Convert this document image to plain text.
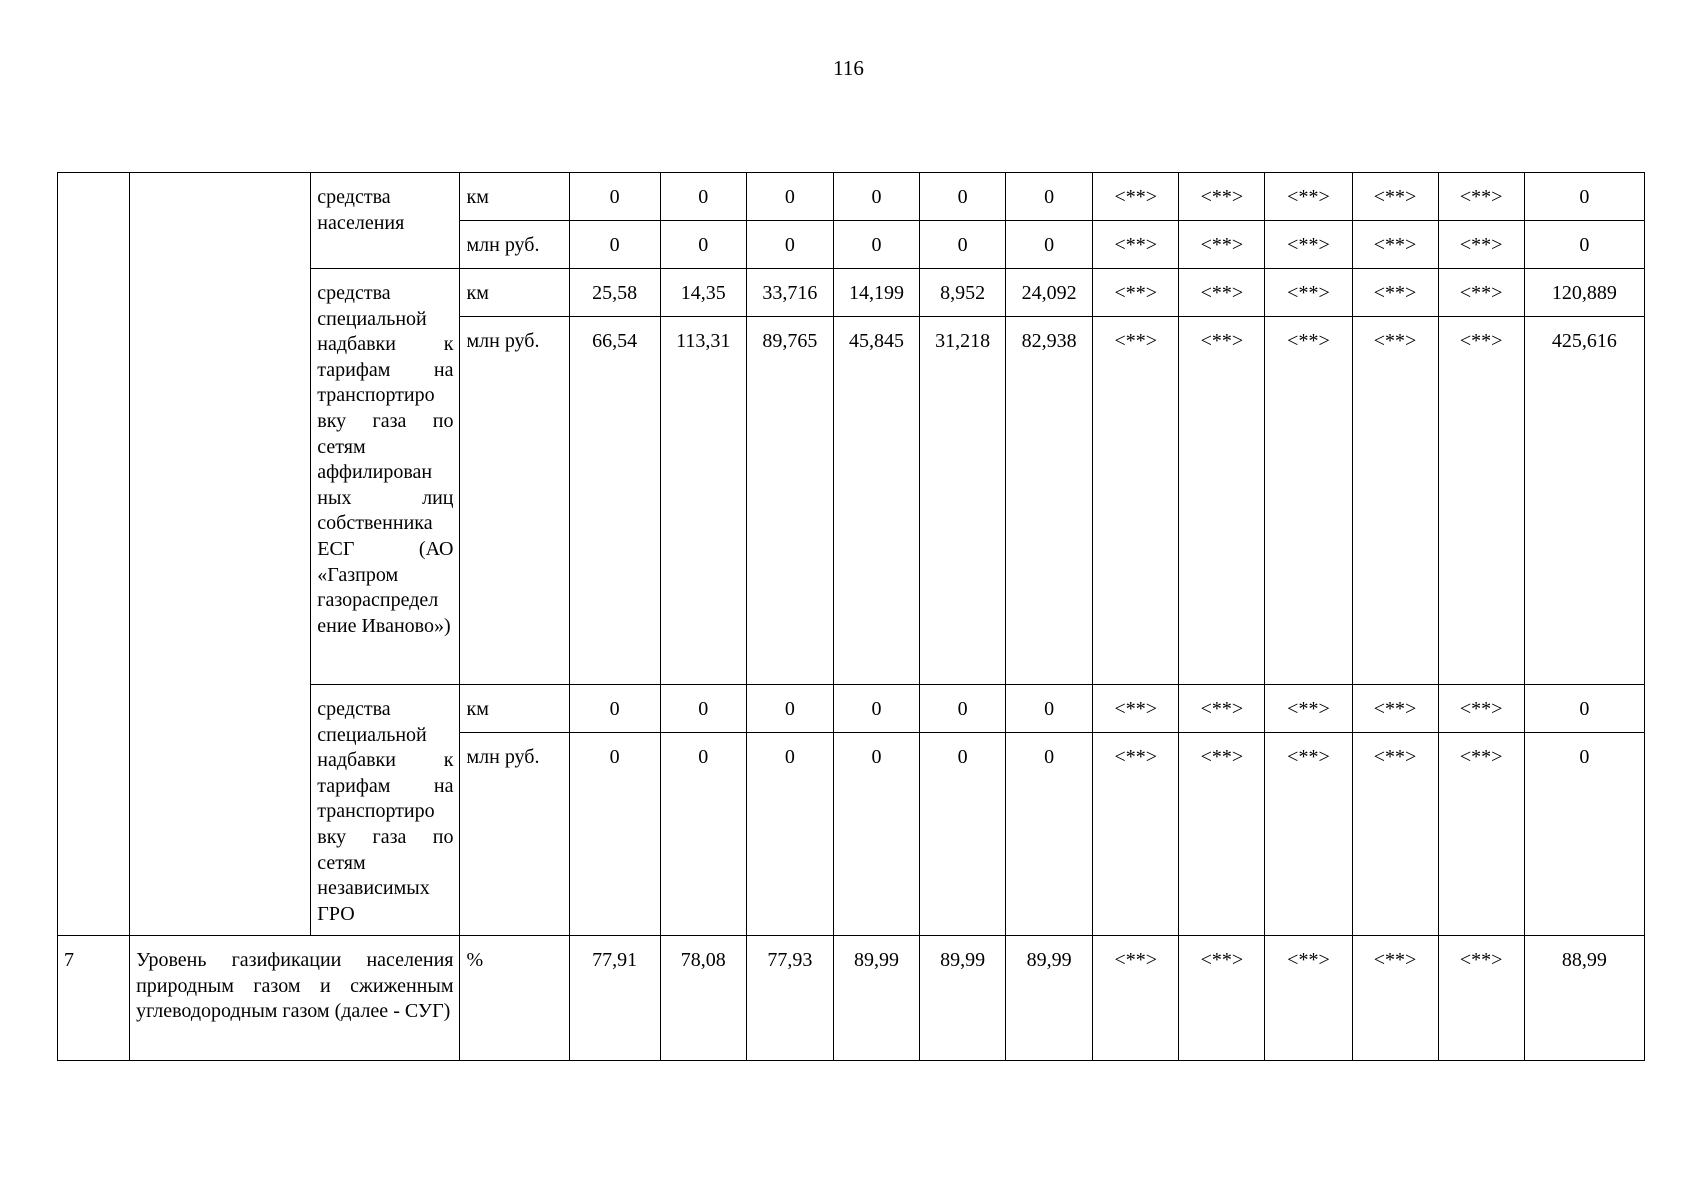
116
		средства населения	км	0	0	0	0	0	0	<**>	<**>	<**>	<**>	<**>	0
			млн руб.	0	0	0	0	0	0	<**>	<**>	<**>	<**>	<**>	0
		средства специальной надбавки к тарифам на транспортиро вку газа по сетям аффилирован ных лиц собственника ЕСГ (АО «Газпром газораспредел ение Иваново»)	км	25,58	14,35	33,716	14,199	8,952	24,092	<**>	<**>	<**>	<**>	<**>	120,889
			млн руб.	66,54	113,31	89,765	45,845	31,218	82,938	<**>	<**>	<**>	<**>	<**>	425,616
		средства специальной надбавки к тарифам на транспортиро вку газа по сетям независимых ГРО	км	0	0	0	0	0	0	<**>	<**>	<**>	<**>	<**>	0
			млн руб.	0	0	0	0	0	0	<**>	<**>	<**>	<**>	<**>	0
7	Уровень газификации населения природным газом и сжиженным углеводородным газом (далее - СУГ)		%	77,91	78,08	77,93	89,99	89,99	89,99	<**>	<**>	<**>	<**>	<**>	88,99
